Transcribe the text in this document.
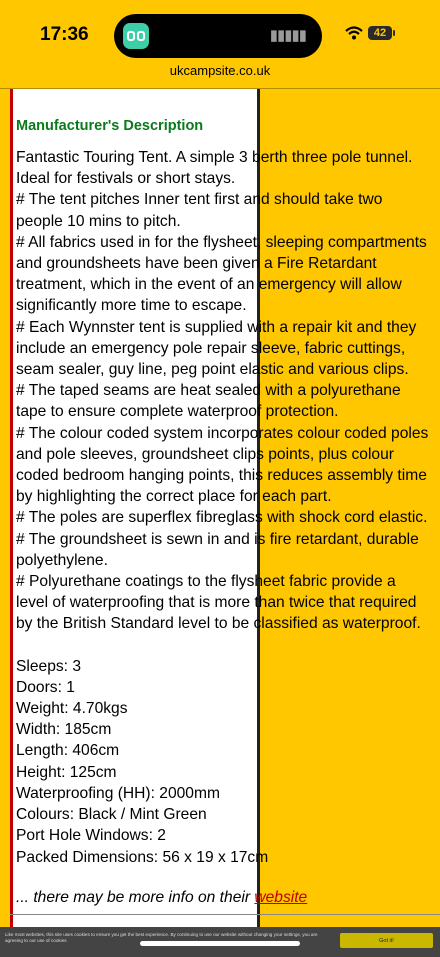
17:36	▮▮▮▮▮	42
ukcampsite.co.uk
Manufacturer's Description
Fantastic Touring Tent. A simple 3 berth three pole tunnel.
Ideal for festivals or short stays.
# The tent pitches Inner tent first and should take two
people 10 mins to pitch.
# All fabrics used in for the flysheet, sleeping compartments
and groundsheets have been given a Fire Retardant
treatment, which in the event of an emergency will allow
significantly more time to escape.
# Each Wynnster tent is supplied with a repair kit and they
include an emergency pole repair sleeve, fabric cuttings,
seam sealer, guy line, peg point elastic and various clips.
# The taped seams are heat sealed with a polyurethane
tape to ensure complete waterproof protection.
# The colour coded system incorporates colour coded poles
and pole sleeves, groundsheet clips points, plus colour
coded bedroom hanging points, this reduces assembly time
by highlighting the correct place for each part.
# The poles are superflex fibreglass with shock cord elastic.
# The groundsheet is sewn in and is fire retardant, durable
polyethylene.
# Polyurethane coatings to the flysheet fabric provide a
level of waterproofing that is more than twice that required
by the British Standard level to be classified as waterproof.
Sleeps: 3
Doors: 1
Weight: 4.70kgs
Width: 185cm
Length: 406cm
Height: 125cm
Waterproofing (HH): 2000mm
Colours: Black / Mint Green
Port Hole Windows: 2
Packed Dimensions: 56 x 19 x 17cm
... there may be more info on their website
Like most websites, this site uses cookies to ensure you get the best experience. By continuing to use our website without changing your settings, you are agreeing to our use of cookies	Got it!
